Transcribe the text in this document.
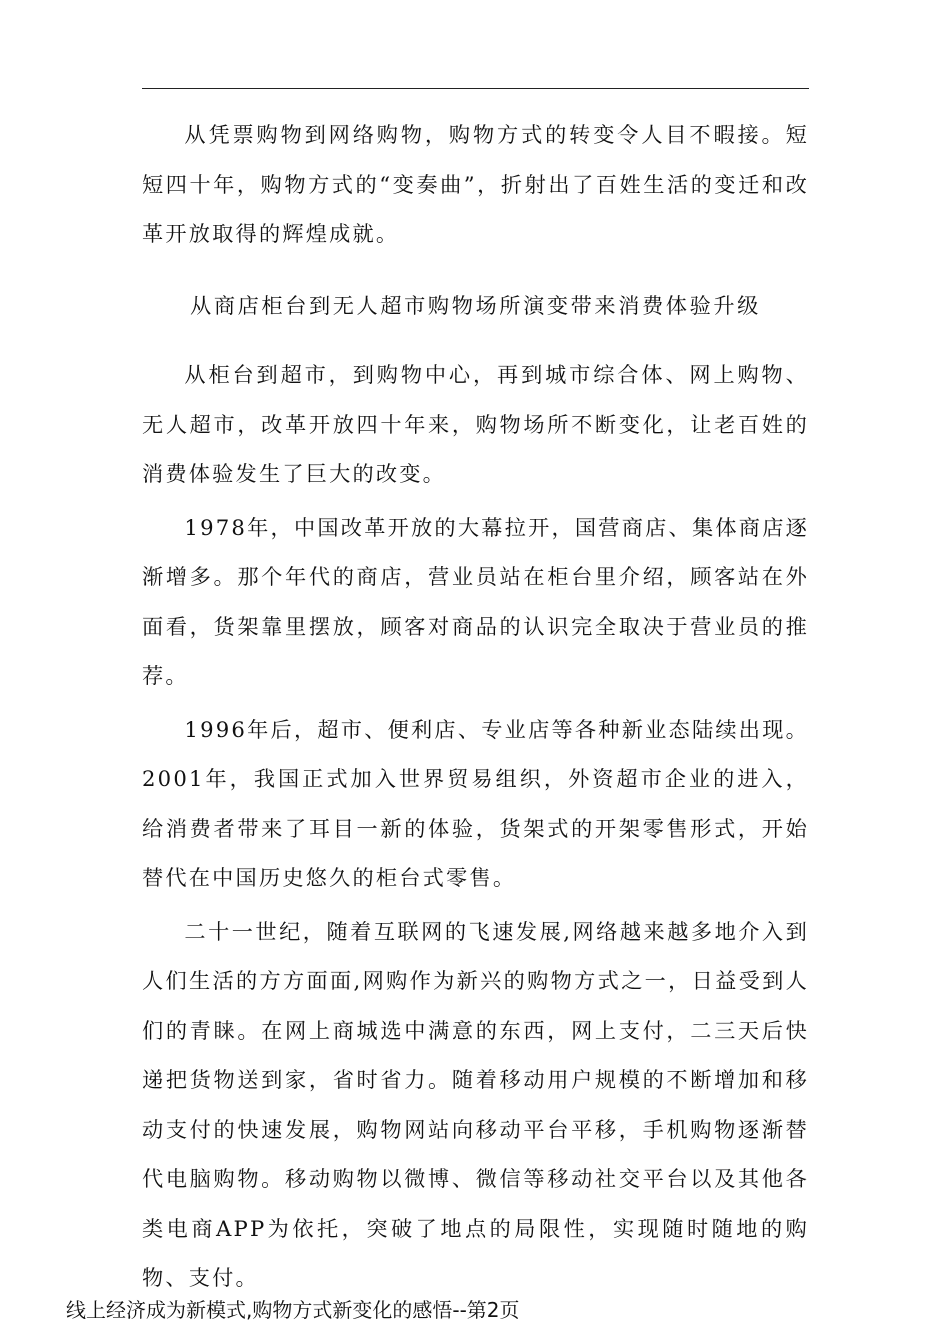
从凭票购物到网络购物，购物方式的转变令人目不暇接。短短四十年，购物方式的“变奏曲”，折射出了百姓生活的变迁和改革开放取得的辉煌成就。

从商店柜台到无人超市购物场所演变带来消费体验升级

从柜台到超市，到购物中心，再到城市综合体、网上购物、无人超市，改革开放四十年来，购物场所不断变化，让老百姓的消费体验发生了巨大的改变。

1978年，中国改革开放的大幕拉开，国营商店、集体商店逐渐增多。那个年代的商店，营业员站在柜台里介绍，顾客站在外面看，货架靠里摆放，顾客对商品的认识完全取决于营业员的推荐。

1996年后，超市、便利店、专业店等各种新业态陆续出现。2001年，我国正式加入世界贸易组织，外资超市企业的进入，给消费者带来了耳目一新的体验，货架式的开架零售形式，开始替代在中国历史悠久的柜台式零售。

二十一世纪，随着互联网的飞速发展,网络越来越多地介入到人们生活的方方面面,网购作为新兴的购物方式之一，日益受到人们的青睐。在网上商城选中满意的东西，网上支付，二三天后快递把货物送到家，省时省力。随着移动用户规模的不断增加和移动支付的快速发展，购物网站向移动平台平移，手机购物逐渐替代电脑购物。移动购物以微博、微信等移动社交平台以及其他各类电商APP为依托，突破了地点的局限性，实现随时随地的购物、支付。

线上经济成为新模式,购物方式新变化的感悟--第2页
